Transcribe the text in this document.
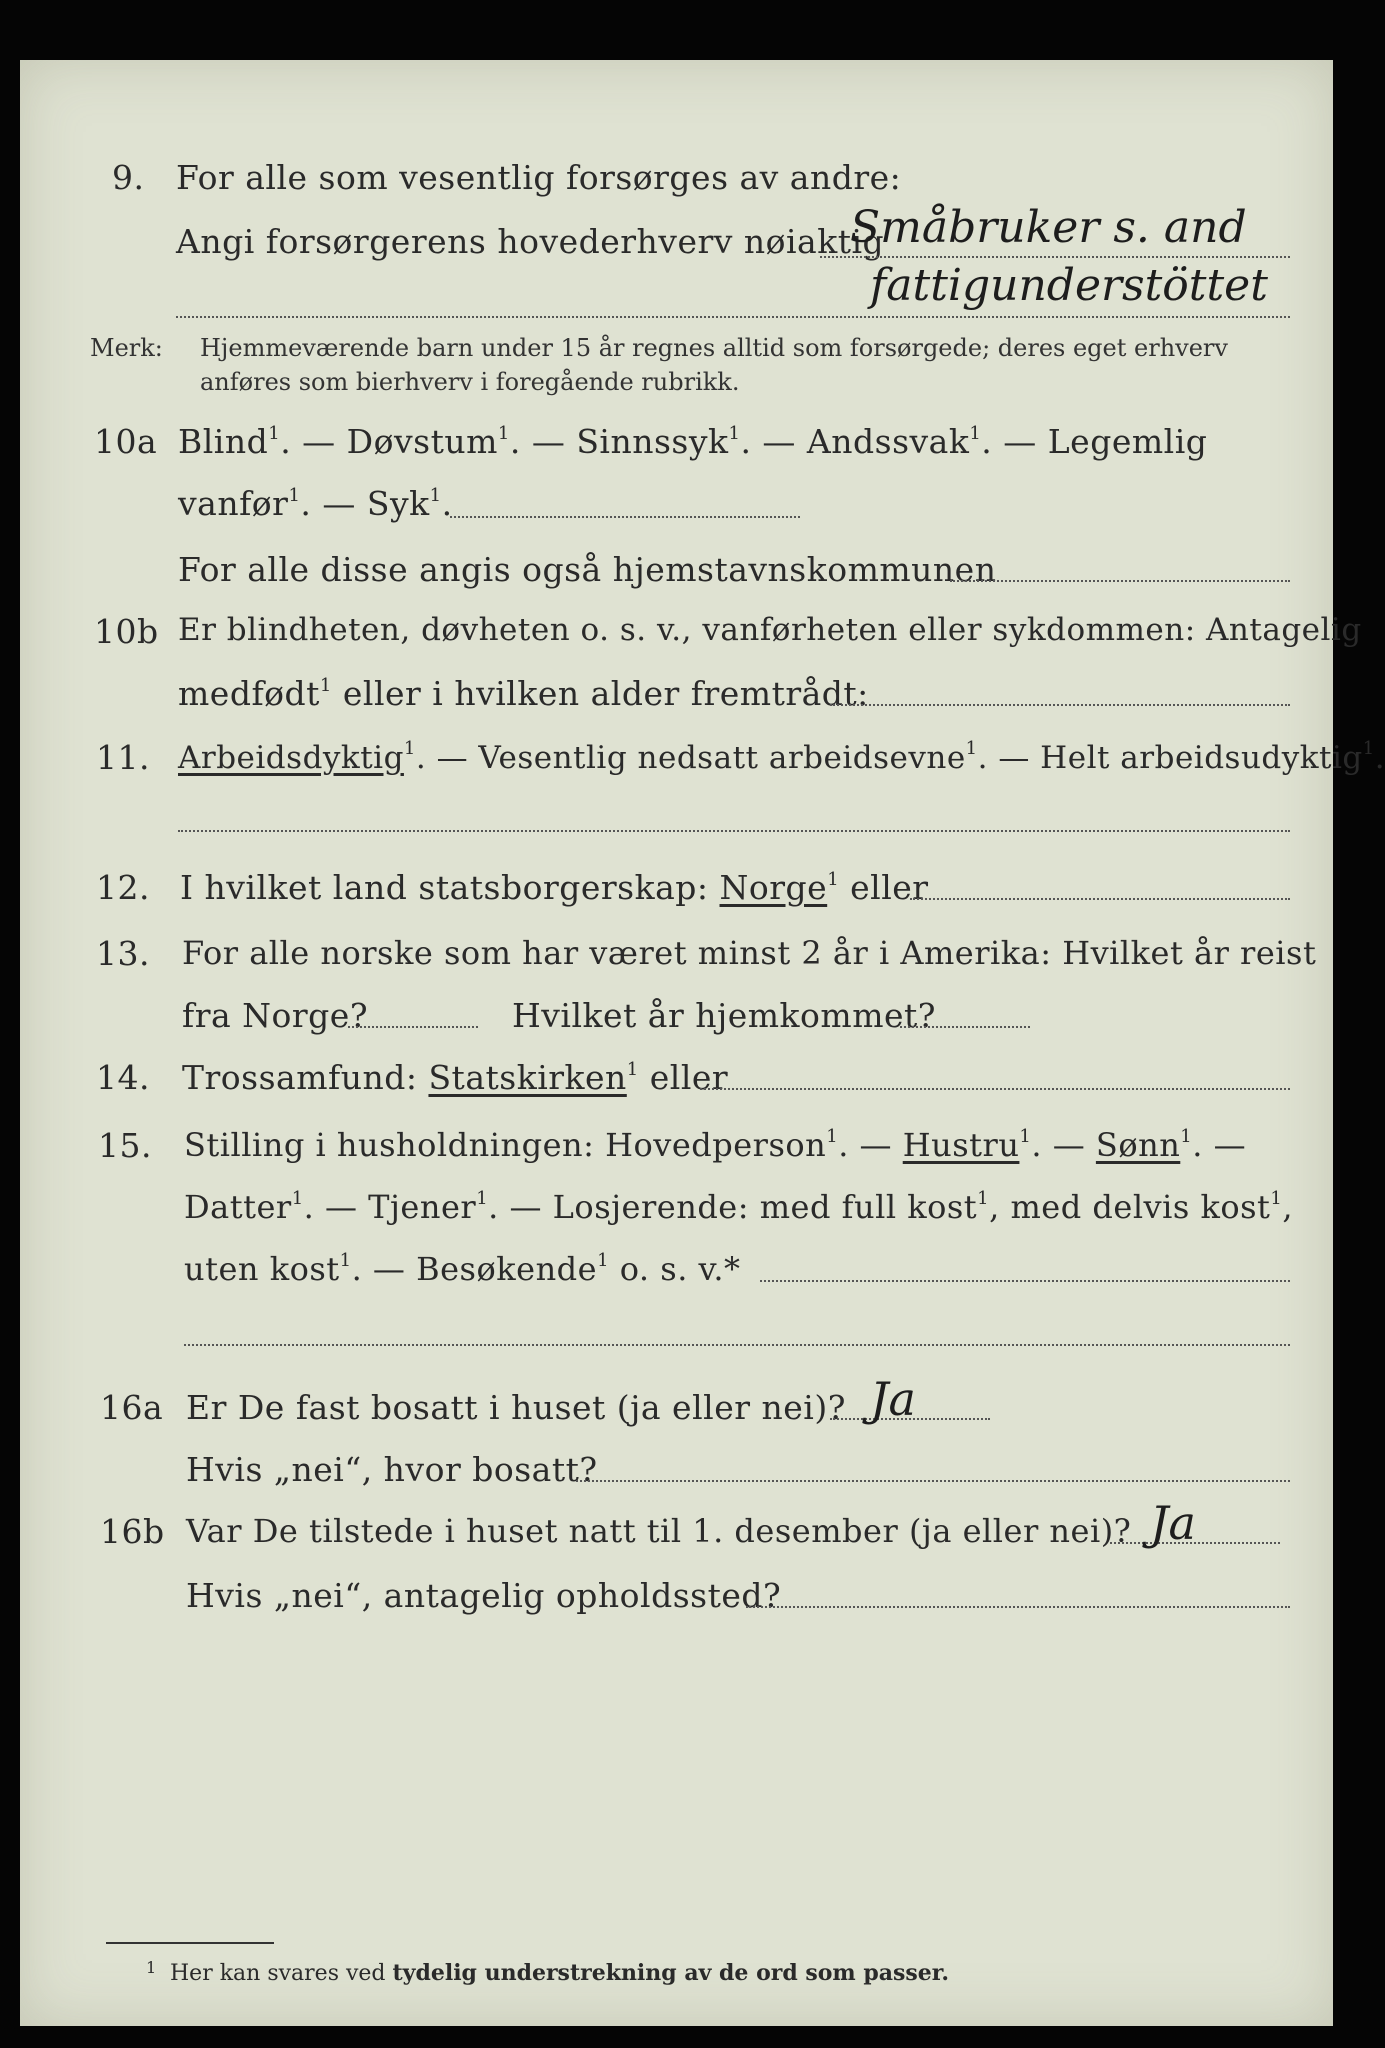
9. For alle som vesentlig forsørges av andre:
Angi forsørgerens hovederhverv nøiaktig
Småbruker s. and
fattigunderstöttet
Merk: Hjemmeværende barn under 15 år regnes alltid som forsørgede; deres eget erhverv
anføres som bierhverv i foregående rubrikk.
10a Blind$^1$. — Døvstum$^1$. — Sinnssyk$^1$. — Andssvak$^1$. — Legemlig
vanfør$^1$. — Syk$^1$.
For alle disse angis også hjemstavnskommunen
10b Er blindheten, døvheten o. s. v., vanførheten eller sykdommen: Antagelig
medfødt$^1$ eller i hvilken alder fremtrådt:
11. Arbeidsdyktig$^1$. — Vesentlig nedsatt arbeidsevne$^1$. — Helt arbeidsudyktig$^1$.
12. I hvilket land statsborgerskap: Norge$^1$ eller
13. For alle norske som har været minst 2 år i Amerika: Hvilket år reist
fra Norge?	Hvilket år hjemkommet?
14. Trossamfund: Statskirken$^1$ eller
15. Stilling i husholdningen: Hovedperson$^1$. — Hustru$^1$. — Sønn$^1$. —
Datter$^1$. — Tjener$^1$. — Losjerende: med full kost$^1$, med delvis kost$^1$,
uten kost$^1$. — Besøkende$^1$ o. s. v.*
16a Er De fast bosatt i huset (ja eller nei)? Ja
Hvis „nei“, hvor bosatt?
16b Var De tilstede i huset natt til 1. desember (ja eller nei)? Ja
Hvis „nei“, antagelig opholdssted?
1 Her kan svares ved tydelig understrekning av de ord som passer.
